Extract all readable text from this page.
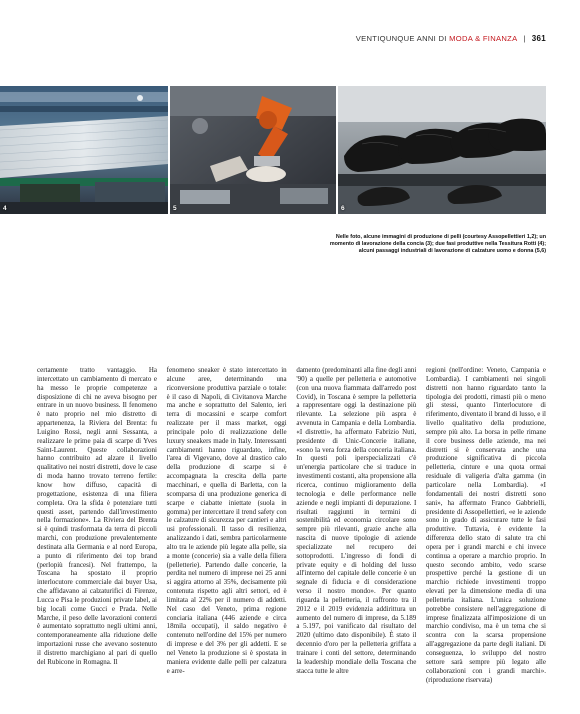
VENTIQUNQUE ANNI DI
MODA & FINANZA | 361
4	5	6
Nelle foto, alcune immagini di produzione di pelli (courtesy Assopellettieri 1,2); un momento di lavorazione della concia (3); due fasi produttive nella Tessitura Rotti (4); alcuni passaggi industriali di lavorazione di calzature uomo e donna (5,6)

certamente tratto vantaggio. Ha intercettato un cambiamento di mercato e ha messo le proprie competenze a disposizione di chi ne aveva bisogno per entrare in un nuovo business. Il fenomeno è nato proprio nel mio distretto di appartenenza, la Riviera del Brenta: fu Luigino Rossi, negli anni Sessanta, a realizzare le prime paia di scarpe di Yves Saint-Laurent. Queste collaborazioni hanno contribuito ad alzare il livello qualitativo nei nostri distretti, dove le case di moda hanno trovato terreno fertile: know how diffuso, capacità di progettazione, esistenza di una filiera completa. Ora la sfida è potenziare tutti questi asset, partendo dall'investimento nella formazione». La Riviera del Brenta si è quindi trasformata da terra di piccoli marchi, con produzione prevalentemente destinata alla Germania e al nord Europa, a punto di riferimento dei top brand (perlopiù francesi). Nel frattempo, la Toscana ha spostato il proprio interlocutore commerciale dai buyer Usa, che affidavano ai calzaturifici di Firenze, Lucca e Pisa le produzioni private label, ai big locali come Gucci e Prada. Nelle Marche, il peso delle lavorazioni conterzi è aumentato soprattutto negli ultimi anni, contemporaneamente alla riduzione delle importazioni russe che avevano sostenuto il distretto marchigiano al pari di quello del Rubicone in Romagna. Il

fenomeno sneaker è stato intercettato in alcune aree, determinando una riconversione produttiva parziale o totale: è il caso di Napoli, di Civitanova Marche ma anche e soprattutto del Salento, ieri terra di mocassini e scarpe comfort realizzate per il mass market, oggi principale polo di realizzazione delle luxury sneakers made in Italy. Interessanti cambiamenti hanno riguardato, infine, l'area di Vigevano, dove al drastico calo della produzione di scarpe si è accompagnata la crescita della parte macchinari, e quella di Barletta, con la scomparsa di una produzione generica di scarpe e ciabatte iniettate (suola in gomma) per intercettare il trend safety con le calzature di sicurezza per cantieri e altri usi professionali. Il tasso di resilienza, analizzando i dati, sembra particolarmente alto tra le aziende più legate alla pelle, sia a monte (concerie) sia a valle della filiera (pelletterie). Partendo dalle concerie, la perdita nel numero di imprese nei 25 anni si aggira attorno al 35%, decisamente più contenuta rispetto agli altri settori, ed è limitata al 22% per il numero di addetti. Nel caso del Veneto, prima regione conciaria italiana (446 aziende e circa 18mila occupati), il saldo negativo è contenuto nell'ordine del 15% per numero di imprese e del 3% per gli addetti. E se nel Veneto la produzione si è spostata in maniera evidente dalle pelli per calzatura e arre-

damento (predominanti alla fine degli anni '90) a quelle per pelletteria e automotive (con una nuova fiammata dall'arredo post Covid), in Toscana è sempre la pelletteria a rappresentare oggi la destinazione più rilevante. La selezione più aspra è avvenuta in Campania e della Lombardia. «I distretti», ha affermato Fabrizio Nuti, presidente di Unic-Concerie italiane, «sono la vera forza della conceria italiana. In questi poli iperspecializzati c'è un'energia particolare che si traduce in investimenti costanti, alta propensione alla ricerca, continuo miglioramento della tecnologia e delle performance nelle aziende e negli impianti di depurazione. I risultati raggiunti in termini di sostenibilità ed economia circolare sono sempre più rilevanti, grazie anche alla nascita di nuove tipologie di aziende specializzate nel recupero dei sottoprodotti. L'ingresso di fondi di private equity e di holding del lusso all'interno del capitale delle concerie è un segnale di fiducia e di considerazione verso il nostro mondo». Per quanto riguarda la pelletteria, il raffronto tra il 2012 e il 2019 evidenzia addirittura un aumento del numero di imprese, da 5.189 a 5.197, poi vanificato dal risultato del 2020 (ultimo dato disponibile). È stato il decennio d'oro per la pelletteria griffata a trainare i conti del settore, determinando la leadership mondiale della Toscana che stacca tutte le altre

regioni (nell'ordine: Veneto, Campania e Lombardia). I cambiamenti nei singoli distretti non hanno riguardato tanto la tipologia dei prodotti, rimasti più o meno gli stessi, quanto l'interlocutore di riferimento, diventato il brand di lusso, e il livello qualitativo della produzione, sempre più alto. La borsa in pelle rimane il core business delle aziende, ma nei distretti si è conservata anche una produzione significativa di piccola pelletteria, cinture e una quota ormai residuale di valigeria d'alta gamma (in particolare nella Lombardia). «I fondamentali dei nostri distretti sono sani», ha affermato Franco Gabbrielli, presidente di Assopellettieri, «e le aziende sono in grado di assicurare tutte le fasi produttive. Tuttavia, è evidente la differenza dello stato di salute tra chi opera per i grandi marchi e chi invece continua a operare a marchio proprio. In questo secondo ambito, vedo scarse prospettive perché la gestione di un marchio richiede investimenti troppo elevati per la dimensione media di una pelletteria italiana. L'unica soluzione potrebbe consistere nell'aggregazione di imprese finalizzata all'imposizione di un marchio condiviso, ma è un tema che si scontra con la scarsa propensione all'aggregazione da parte degli italiani. Di conseguenza, lo sviluppo del nostro settore sarà sempre più legato alle collaborazioni con i grandi marchi». (riproduzione riservata)
